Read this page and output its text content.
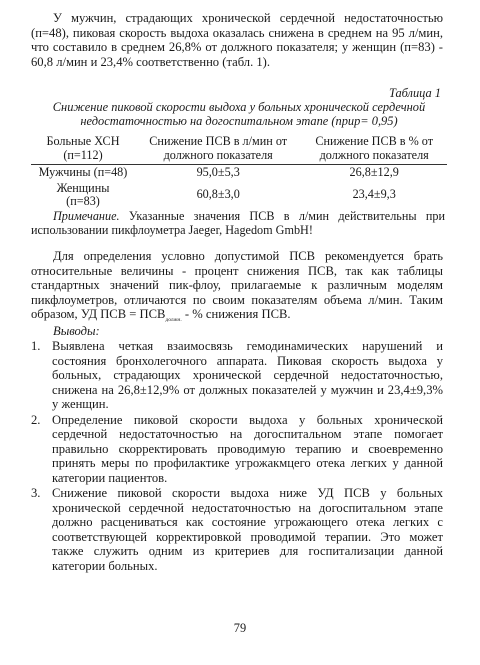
У мужчин, страдающих хронической сердечной недостаточностью (п=48), пиковая скорость выдоха оказалась снижена в среднем на 95 л/мин, что составило в среднем 26,8% от должного показателя; у женщин (п=83) - 60,8 л/мин и 23,4% соответственно (табл. 1).

Таблица 1

Снижение пиковой скорости выдоха у больных хронической сердечной недостаточностью на догоспитальном этапе (прир= 0,95)

Больные ХСН (п=112)	Снижение ПСВ в л/мин от должного показателя	Снижение ПСВ в % от должного показателя
Мужчины (п=48)	95,0±5,3	26,8±12,9
Женщины (п=83)	60,8±3,0	23,4±9,3

Примечание. Указанные значения ПСВ в л/мин действительны при использовании пикфлоуметра Jaeger, Hagedom GmbH!

Для определения условно допустимой ПСВ рекомендуется брать относительные величины - процент снижения ПСВ, так как таблицы стандартных значений пик-флоу, прилагаемые к различным моделям пикфлоуметров, отличаются по своим показателям объема л/мин. Таким образом, УД ПСВ = $ПСВ_{должн.}$ - % снижения ПСВ.

Выводы:

1. Выявлена четкая взаимосвязь гемодинамических нарушений и состояния бронхолегочного аппарата. Пиковая скорость выдоха у больных, страдающих хронической сердечной недостаточностью, снижена на 26,8±12,9% от должных показателей у мужчин и 23,4±9,3% у женщин.
2. Определение пиковой скорости выдоха у больных хронической сердечной недостаточностью на догоспитальном этапе помогает правильно скорректировать проводимую терапию и своевременно принять меры по профилактике угрожакмцего отека легких у данной категории пациентов.
3. Снижение пиковой скорости выдоха ниже УД ПСВ у больных хронической сердечной недостаточностью на догоспитальном этапе должно расцениваться как состояние угрожающего отека легких с соответствующей корректировкой проводимой терапии. Это может также служить одним из критериев для госпитализации данной категории больных.

79
